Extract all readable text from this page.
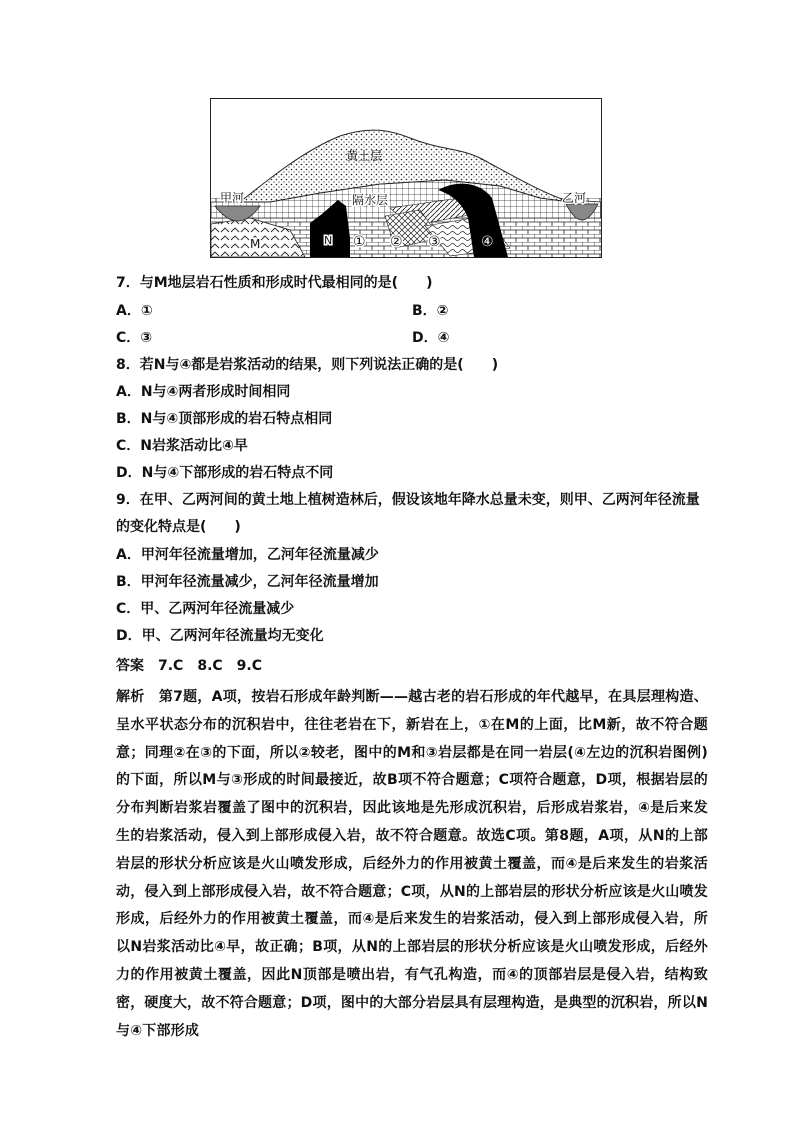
黄土层
隔水层
甲河	乙河
M	N ① ② ③	④
7．与M地层岩石性质和形成时代最相同的是(　　)
A．①	B．②
C．③	D．④
8．若N与④都是岩浆活动的结果，则下列说法正确的是(　　)
A．N与④两者形成时间相同
B．N与④顶部形成的岩石特点相同
C．N岩浆活动比④早
D．N与④下部形成的岩石特点不同
9．在甲、乙两河间的黄土地上植树造林后，假设该地年降水总量未变，则甲、乙两河年径流量的变化特点是(　　)
A．甲河年径流量增加，乙河年径流量减少
B．甲河年径流量减少，乙河年径流量增加
C．甲、乙两河年径流量减少
D．甲、乙两河年径流量均无变化
答案　7.C　8.C　9.C
解析　第7题，A项，按岩石形成年龄判断——越古老的岩石形成的年代越早，在具层理构造、呈水平状态分布的沉积岩中，往往老岩在下，新岩在上，①在M的上面，比M新，故不符合题意；同理②在③的下面，所以②较老，图中的M和③岩层都是在同一岩层(④左边的沉积岩图例)的下面，所以M与③形成的时间最接近，故B项不符合题意；C项符合题意，D项，根据岩层的分布判断岩浆岩覆盖了图中的沉积岩，因此该地是先形成沉积岩，后形成岩浆岩，④是后来发生的岩浆活动，侵入到上部形成侵入岩，故不符合题意。故选C项。第8题，A项，从N的上部岩层的形状分析应该是火山喷发形成，后经外力的作用被黄土覆盖，而④是后来发生的岩浆活动，侵入到上部形成侵入岩，故不符合题意；C项，从N的上部岩层的形状分析应该是火山喷发形成，后经外力的作用被黄土覆盖，而④是后来发生的岩浆活动，侵入到上部形成侵入岩，所以N岩浆活动比④早，故正确；B项，从N的上部岩层的形状分析应该是火山喷发形成，后经外力的作用被黄土覆盖，因此N顶部是喷出岩，有气孔构造，而④的顶部岩层是侵入岩，结构致密，硬度大，故不符合题意；D项，图中的大部分岩层具有层理构造，是典型的沉积岩，所以N与④下部形成
